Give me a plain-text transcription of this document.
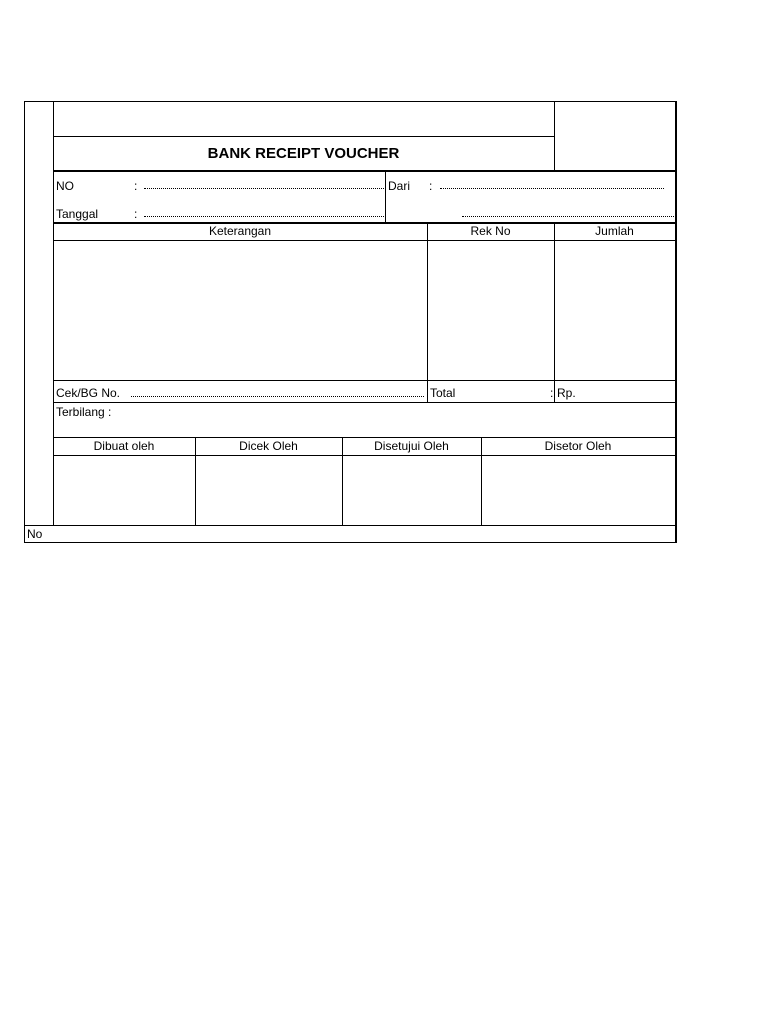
BANK RECEIPT VOUCHER
NO	:
Tanggal	:
Dari :
Keterangan	Rek No	Jumlah
Cek/BG No.	Total	: Rp.
Terbilang :
Dibuat oleh	Dicek Oleh	Disetujui Oleh	Disetor Oleh
No
